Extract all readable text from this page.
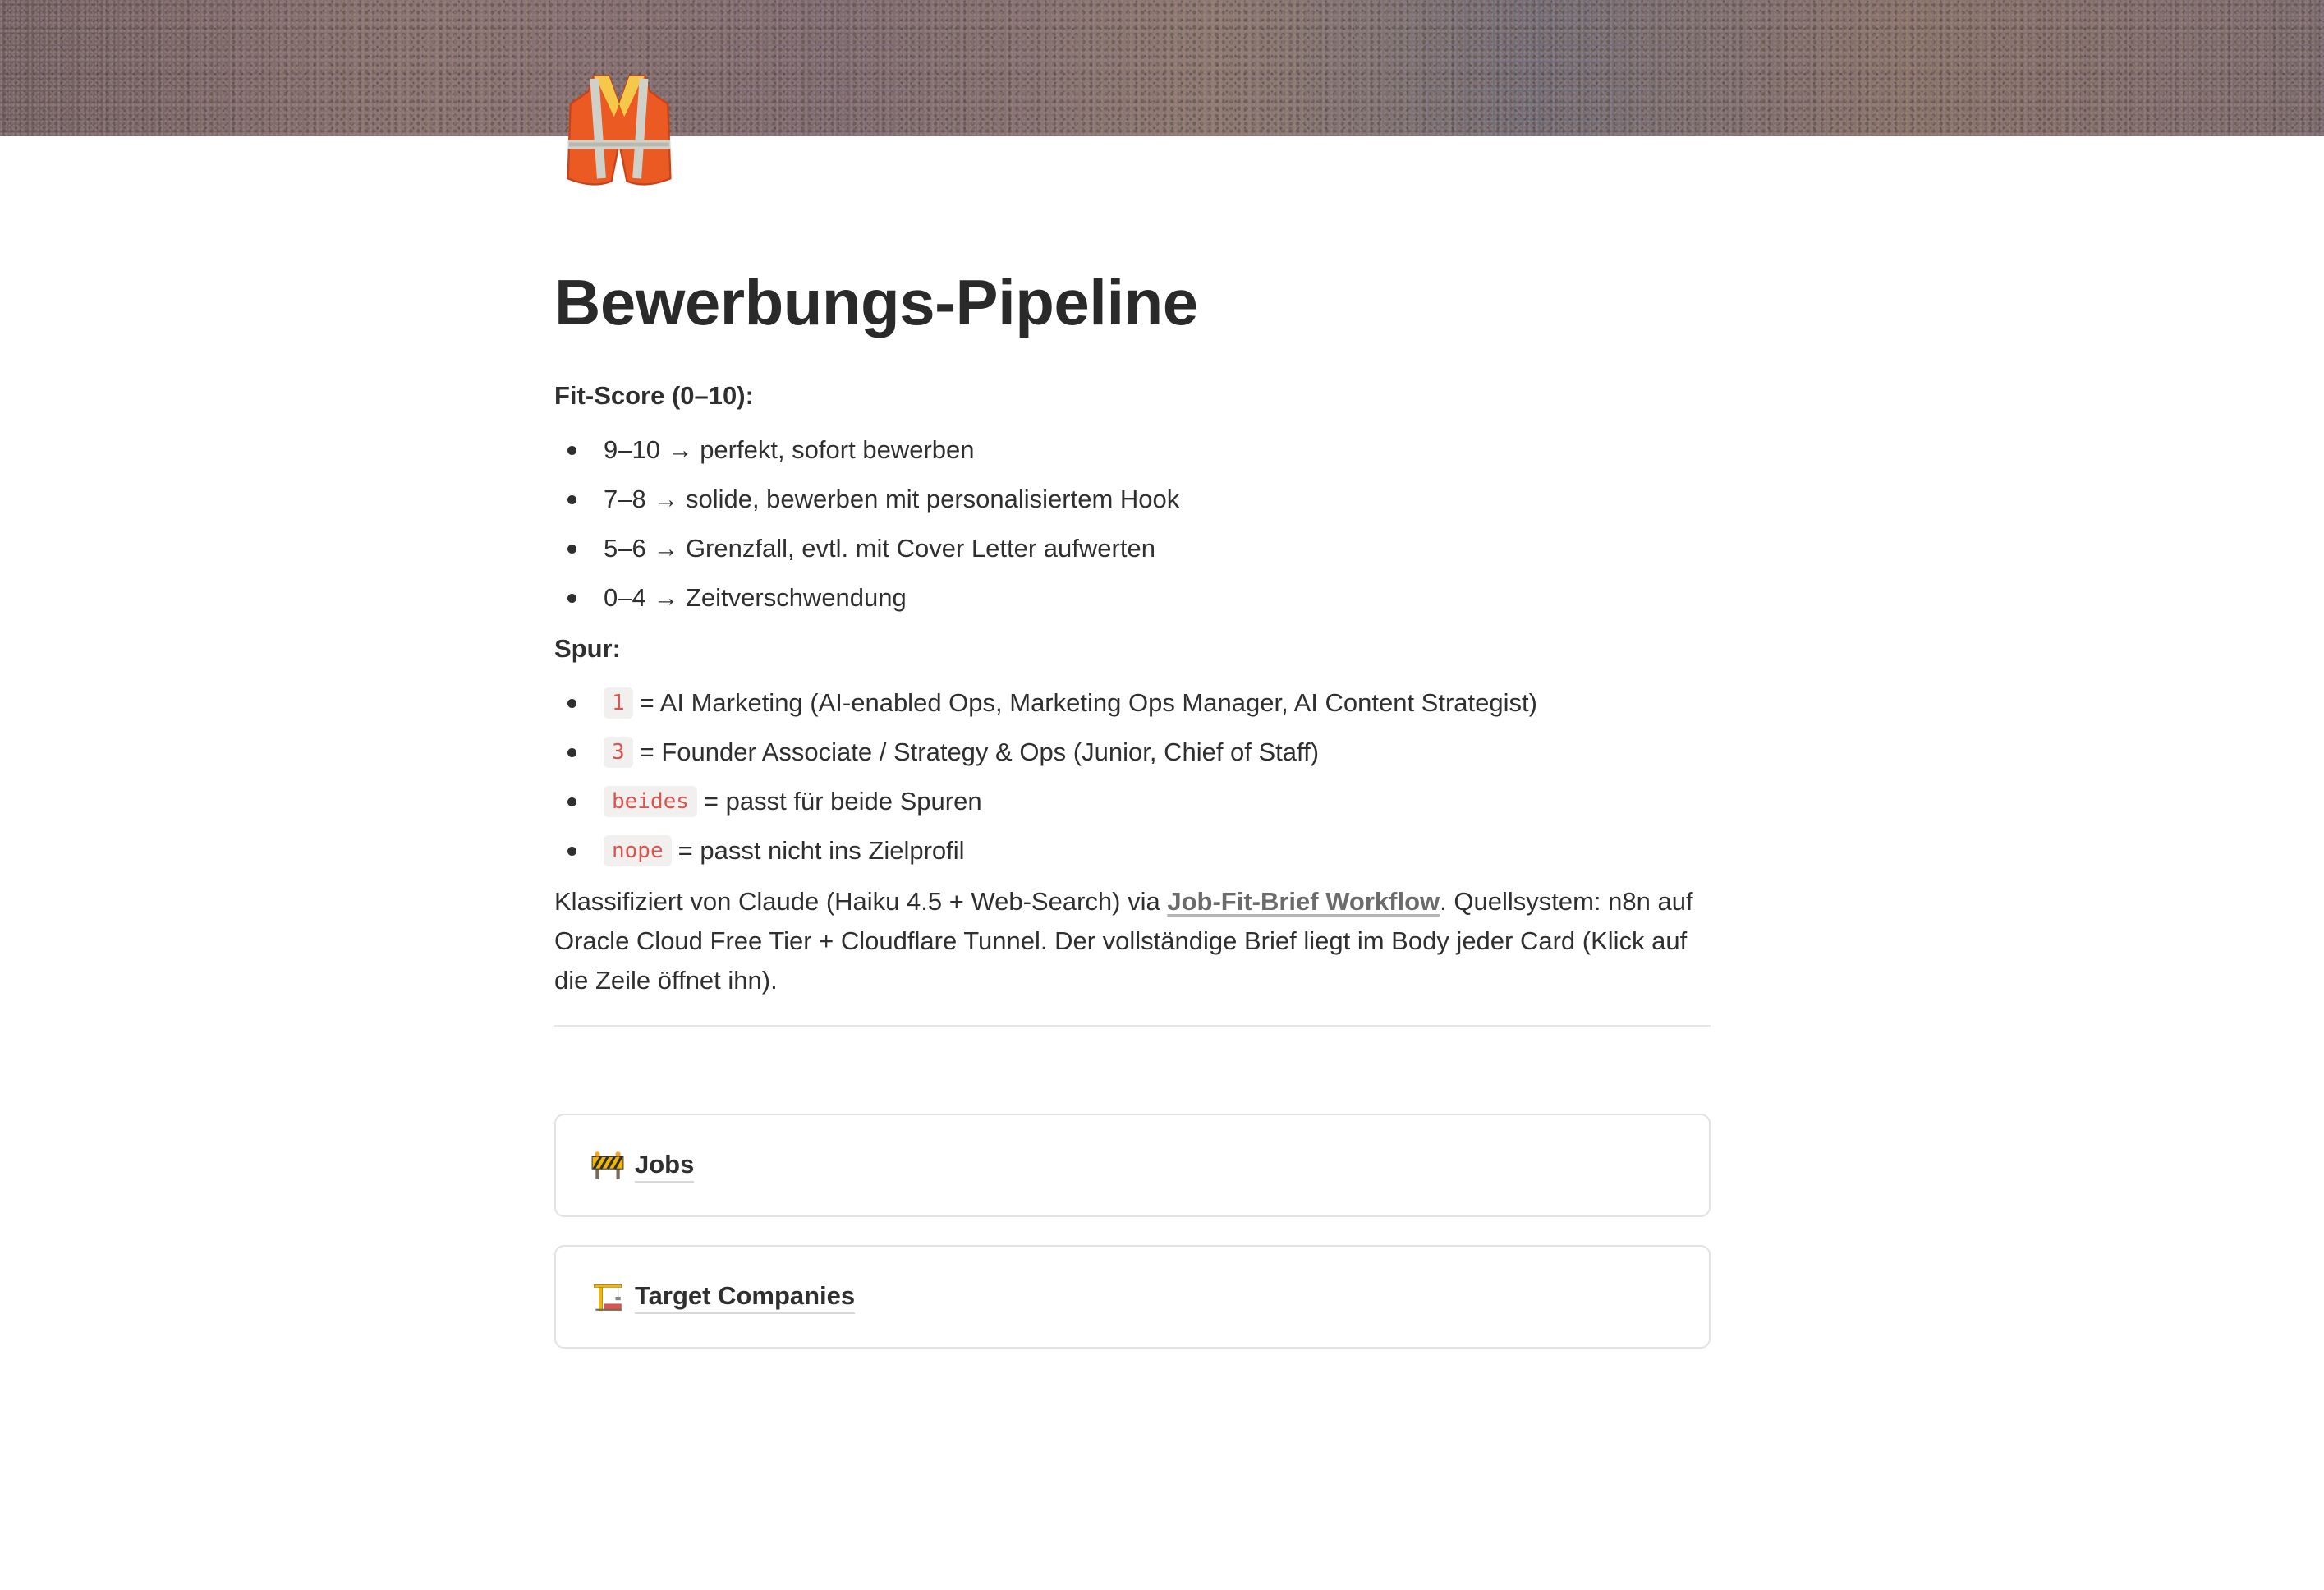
Bewerbungs-Pipeline
Fit-Score (0–10):
9–10 → perfekt, sofort bewerben
7–8 → solide, bewerben mit personalisiertem Hook
5–6 → Grenzfall, evtl. mit Cover Letter aufwerten
0–4 → Zeitverschwendung
Spur:
1 = AI Marketing (AI-enabled Ops, Marketing Ops Manager, AI Content Strategist)
3 = Founder Associate / Strategy & Ops (Junior, Chief of Staff)
beides = passt für beide Spuren
nope = passt nicht ins Zielprofil
Klassifiziert von Claude (Haiku 4.5 + Web-Search) via Job-Fit-Brief Workflow. Quellsystem: n8n auf Oracle Cloud Free Tier + Cloudflare Tunnel. Der vollständige Brief liegt im Body jeder Card (Klick auf die Zeile öffnet ihn).
Jobs
Target Companies
